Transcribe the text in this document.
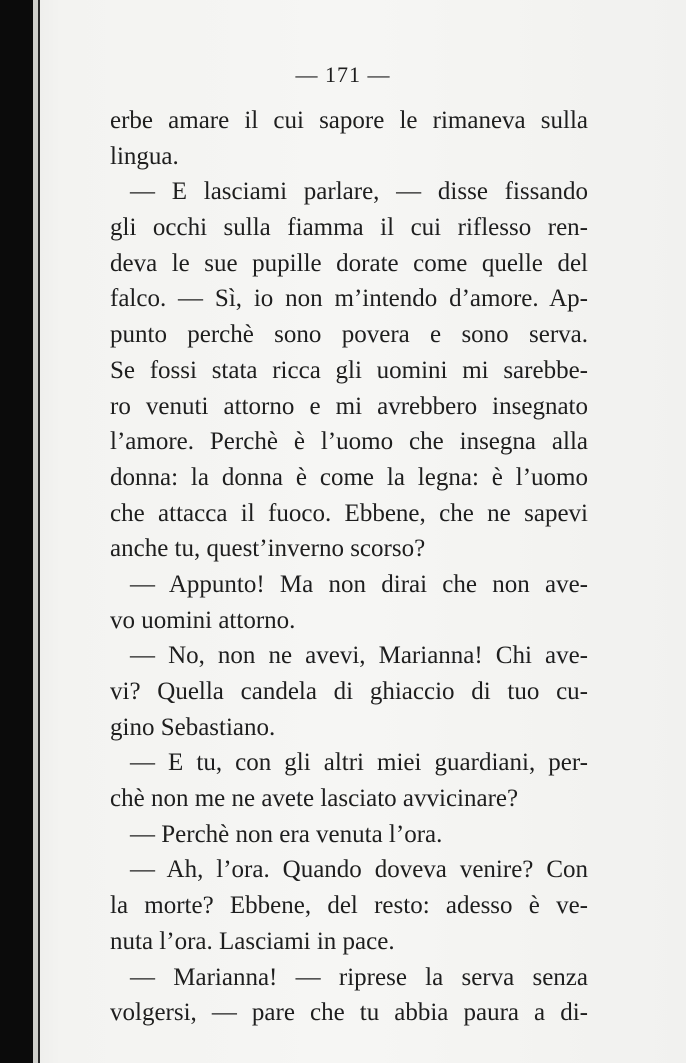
— 171 —
erbe amare il cui sapore le rimaneva sulla
lingua.
— E lasciami parlare, — disse fissando
gli occhi sulla fiamma il cui riflesso ren-
deva le sue pupille dorate come quelle del
falco. — Sì, io non m’intendo d’amore. Ap-
punto perchè sono povera e sono serva.
Se fossi stata ricca gli uomini mi sarebbe-
ro venuti attorno e mi avrebbero insegnato
l’amore. Perchè è l’uomo che insegna alla
donna: la donna è come la legna: è l’uomo
che attacca il fuoco. Ebbene, che ne sapevi
anche tu, quest’inverno scorso?
— Appunto! Ma non dirai che non ave-
vo uomini attorno.
— No, non ne avevi, Marianna! Chi ave-
vi? Quella candela di ghiaccio di tuo cu-
gino Sebastiano.
— E tu, con gli altri miei guardiani, per-
chè non me ne avete lasciato avvicinare?
— Perchè non era venuta l’ora.
— Ah, l’ora. Quando doveva venire? Con
la morte? Ebbene, del resto: adesso è ve-
nuta l’ora. Lasciami in pace.
— Marianna! — riprese la serva senza
volgersi, — pare che tu abbia paura a di-
